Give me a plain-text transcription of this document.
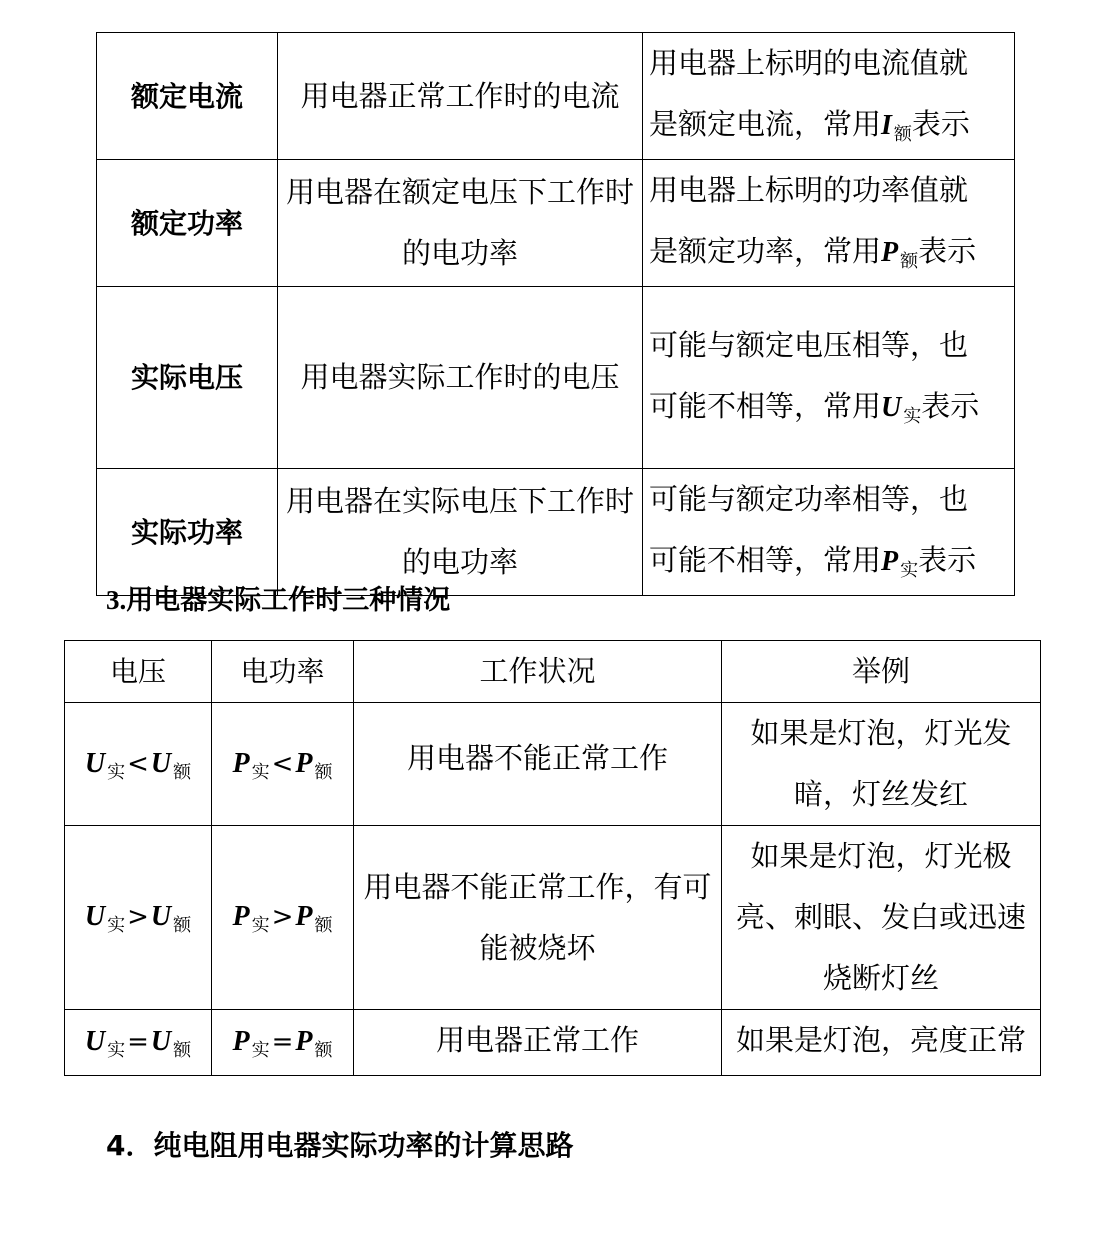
额定电流	用电器正常工作时的电流	用电器上标明的电流值就
是额定电流，常用I $_额$表示

额定功率	用电器在额定电压下工作时的电功率	用电器上标明的功率值就
是额定功率，常用P $_额$表示

实际电压	用电器实际工作时的电压	可能与额定电压相等，也
可能不相等，常用U $_实$表示

实际功率	用电器在实际电压下工作时的电功率	可能与额定功率相等，也
可能不相等，常用P $_实$表示
3.用电器实际工作时三种情况
电压	电功率	工作状况	举例
U $_实$<U $_额$	P $_实$<P $_额$	用电器不能正常工作	如果是灯泡，灯光发暗，灯丝发红

U $_实$>U $_额$	P $_实$>P $_额$	用电器不能正常工作，有可能被烧坏	如果是灯泡，灯光极亮、刺眼、发白或迅速烧断灯丝

U $_实$=U $_额$	P $_实$=P $_额$	用电器正常工作	如果是灯泡，亮度正常
4．纯电阻用电器实际功率的计算思路
